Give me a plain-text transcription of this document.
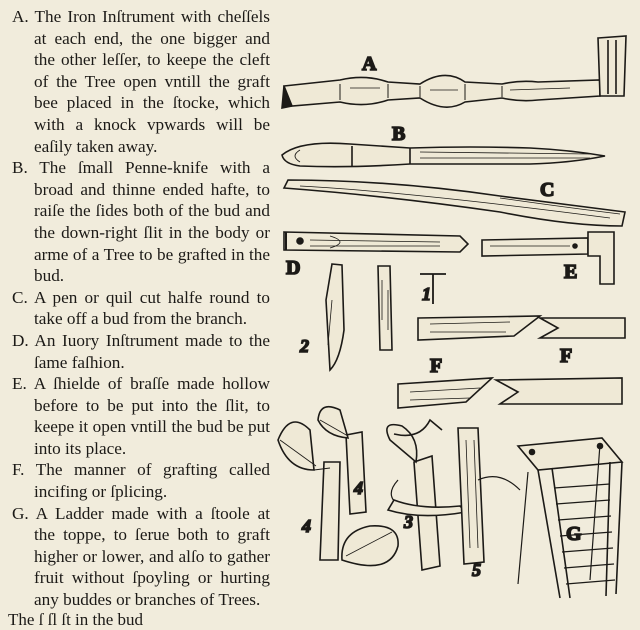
A. The Iron Inſtrument with cheſſels at each end, the one bigger and the other leſſer, to keepe the cleft of the Tree open vntill the graft bee placed in the ſtocke, which with a knock vpwards will be eaſily taken away.

B. The ſmall Penne-knife with a broad and thinne ended hafte, to raiſe the ſides both of the bud and the down-right ſlit in the body or arme of a Tree to be grafted in the bud.

C. A pen or quil cut halfe round to take off a bud from the branch.

D. An Iuory Inſtrument made to the ſame faſhion.

E. A ſhielde of braſſe made hollow before to be put into the ſlit, to keepe it open vntill the bud be put into its place.

F. The manner of grafting called incifing or ſplicing.

G. A Ladder made with a ſtoole at the toppe, to ſerue both to graft higher or lower, and alſo to gather fruit without ſpoyling or hurting any buddes or branches of Trees.

The ſ ſl ſt in the bud
A
B
C
D	E
F	F
G
1
2
3
4
4
5
